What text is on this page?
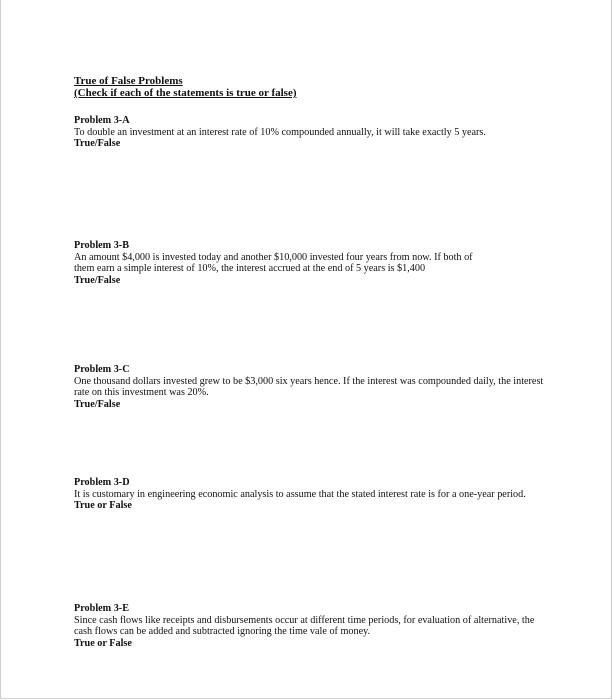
True of False Problems
(Check if each of the statements is true or false)
Problem 3-A
To double an investment at an interest rate of 10% compounded annually, it will take exactly 5 years.
True/False
Problem 3-B
An amount $4,000 is invested today and another $10,000 invested four years from now. If both of them earn a simple interest of 10%, the interest accrued at the end of 5 years is $1,400
True/False
Problem 3-C
One thousand dollars invested grew to be $3,000 six years hence. If the interest was compounded daily, the interest rate on this investment was 20%.
True/False
Problem 3-D
It is customary in engineering economic analysis to assume that the stated interest rate is for a one-year period.
True or False
Problem 3-E
Since cash flows like receipts and disbursements occur at different time periods, for evaluation of alternative, the cash flows can be added and subtracted ignoring the time vale of money.
True or False
